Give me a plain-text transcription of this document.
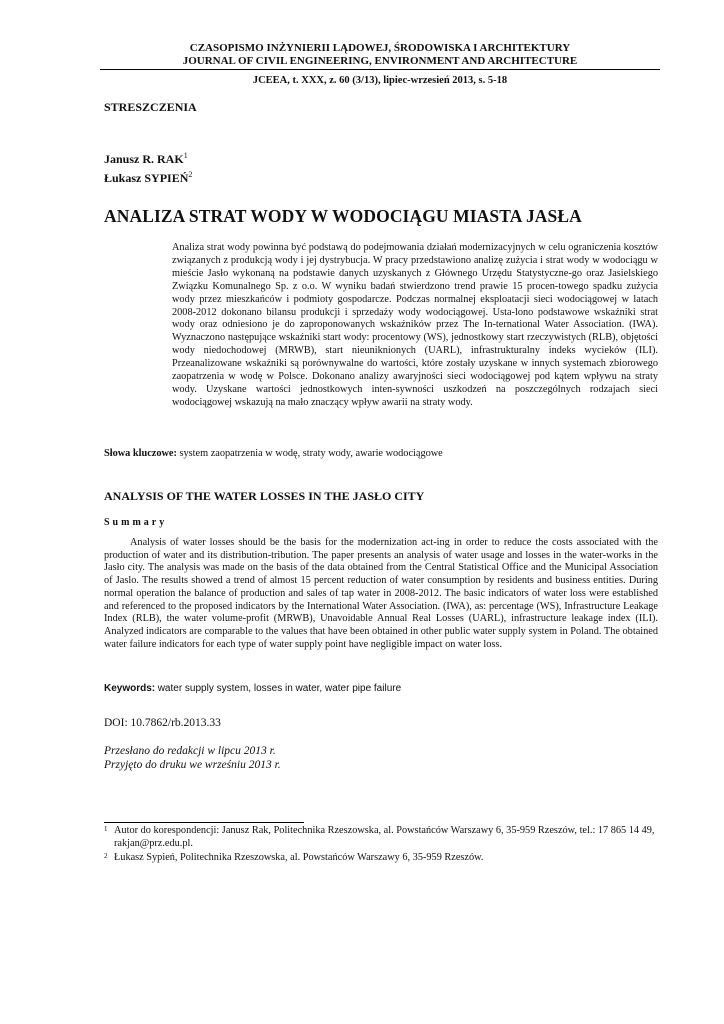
CZASOPISMO INŻYNIERII LĄDOWEJ, ŚRODOWISKA I ARCHITEKTURY
JOURNAL OF CIVIL ENGINEERING, ENVIRONMENT AND ARCHITECTURE
JCEEA, t. XXX, z. 60 (3/13), lipiec-wrzesień 2013, s. 5-18
STRESZCZENIA
Janusz R. RAK$^1$
Łukasz SYPIEŃ$^2$
ANALIZA STRAT WODY W WODOCIĄGU MIASTA JASŁA
Analiza strat wody powinna być podstawą do podejmowania działań modernizacyjnych w celu ograniczenia kosztów związanych z produkcją wody i jej dystrybucja. W pracy przedstawiono analizę zużycia i strat wody w wodociągu w mieście Jasło wykonaną na podstawie danych uzyskanych z Głównego Urzędu Statystyczne-go oraz Jasielskiego Związku Komunalnego Sp. z o.o. W wyniku badań stwierdzono trend prawie 15 procen-towego spadku zużycia wody przez mieszkańców i podmioty gospodarcze. Podczas normalnej eksploatacji sieci wodociągowej w latach 2008-2012 dokonano bilansu produkcji i sprzedaży wody wodociągowej. Usta-lono podstawowe wskaźniki strat wody oraz odniesiono je do zaproponowanych wskaźników przez The In-ternational Water Association. (IWA). Wyznaczono następujące wskaźniki start wody: procentowy (WS), jednostkowy start rzeczywistych (RLB), objętości wody niedochodowej (MRWB), start nieuniknionych (UARL), infrastrukturalny indeks wycieków (ILI). Przeanalizowane wskaźniki są porównywalne do wartości, które zostały uzyskane w innych systemach zbiorowego zaopatrzenia w wodę w Polsce. Dokonano analizy awaryjności sieci wodociągowej pod kątem wpływu na straty wody. Uzyskane wartości jednostkowych inten-sywności uszkodzeń na poszczególnych rodzajach sieci wodociągowej wskazują na mało znaczący wpływ awarii na straty wody.
Słowa kluczowe: system zaopatrzenia w wodę, straty wody, awarie wodociągowe
ANALYSIS OF THE WATER LOSSES IN THE JASŁO CITY
Summary
Analysis of water losses should be the basis for the modernization act-ing in order to reduce the costs associated with the production of water and its distribution-tribution. The paper presents an analysis of water usage and losses in the water-works in the Jasło city. The analysis was made on the basis of the data obtained from the Central Statistical Office and the Municipal Association of Jaslo. The results showed a trend of almost 15 percent reduction of water consumption by residents and business entities. During normal operation the balance of production and sales of tap water in 2008-2012. The basic indicators of water loss were established and referenced to the proposed indicators by the International Water Association. (IWA), as: percentage (WS), Infrastructure Leakage Index (RLB), the water volume-profit (MRWB), Unavoidable Annual Real Losses (UARL), infrastructure leakage index (ILI). Analyzed indicators are comparable to the values that have been obtained in other public water supply system in Poland. The obtained water failure indicators for each type of water supply point have negligible impact on water loss.
Keywords: water supply system, losses in water, water pipe failure
DOI: 10.7862/rb.2013.33
Przesłano do redakcji w lipcu 2013 r.
Przyjęto do druku we wrześniu 2013 r.
1 Autor do korespondencji: Janusz Rak, Politechnika Rzeszowska, al. Powstańców Warszawy 6, 35-959 Rzeszów, tel.: 17 865 14 49, rakjan@prz.edu.pl.
2 Łukasz Sypień, Politechnika Rzeszowska, al. Powstańców Warszawy 6, 35-959 Rzeszów.
